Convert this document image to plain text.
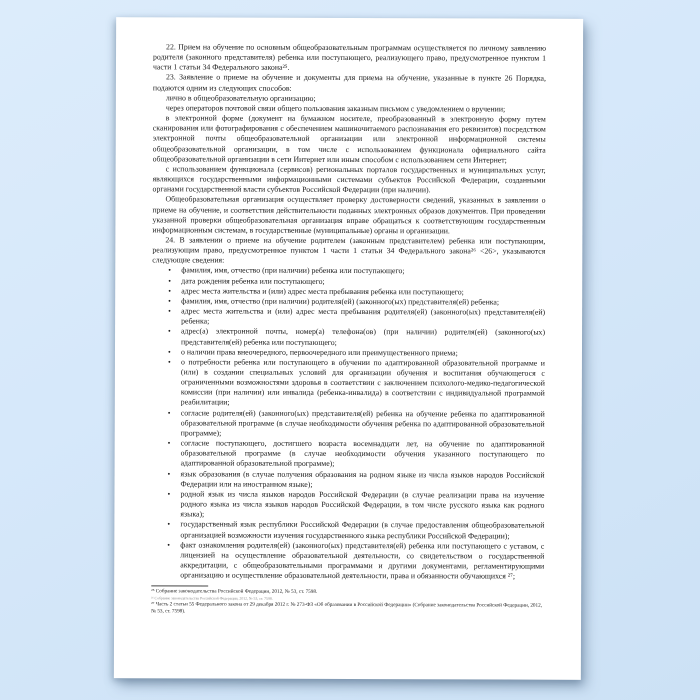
22. Прием на обучение по основным общеобразовательным программам осуществляется по личному заявлению родителя (законного представителя) ребенка или поступающего, реализующего право, предусмотренное пунктом 1 части 1 статьи 34 Федерального закона²⁵.

23. Заявление о приеме на обучение и документы для приема на обучение, указанные в пункте 26 Порядка, подаются одним из следующих способов:

лично в общеобразовательную организацию;

через операторов почтовой связи общего пользования заказным письмом с уведомлением о вручении;

в электронной форме (документ на бумажном носителе, преобразованный в электронную форму путем сканирования или фотографирования с обеспечением машиночитаемого распознавания его реквизитов) посредством электронной почты общеобразовательной организации или электронной информационной системы общеобразовательной организации, в том числе с использованием функционала официального сайта общеобразовательной организации в сети Интернет или иным способом с использованием сети Интернет;

с использованием функционала (сервисов) региональных порталов государственных и муниципальных услуг, являющихся государственными информационными системами субъектов Российской Федерации, созданными органами государственной власти субъектов Российской Федерации (при наличии).

Общеобразовательная организация осуществляет проверку достоверности сведений, указанных в заявлении о приеме на обучение, и соответствия действительности поданных электронных образов документов. При проведении указанной проверки общеобразовательная организация вправе обращаться к соответствующим государственным информационным системам, в государственные (муниципальные) органы и организации.

24. В заявлении о приеме на обучение родителем (законным представителем) ребенка или поступающим, реализующим право, предусмотренное пунктом 1 части 1 статьи 34 Федерального закона²⁶ <26>, указываются следующие сведения:

• фамилия, имя, отчество (при наличии) ребенка или поступающего;
• дата рождения ребенка или поступающего;
• адрес места жительства и (или) адрес места пребывания ребенка или поступающего;
• фамилия, имя, отчество (при наличии) родителя(ей) (законного(ых) представителя(ей) ребенка;
• адрес места жительства и (или) адрес места пребывания родителя(ей) (законного(ых) представителя(ей) ребенка;
• адрес(а) электронной почты, номер(а) телефона(ов) (при наличии) родителя(ей) (законного(ых) представителя(ей) ребенка или поступающего;
• о наличии права внеочередного, первоочередного или преимущественного приема;
• о потребности ребенка или поступающего в обучении по адаптированной образовательной программе и (или) в создании специальных условий для организации обучения и воспитания обучающегося с ограниченными возможностями здоровья в соответствии с заключением психолого-медико-педагогической комиссии (при наличии) или инвалида (ребенка-инвалида) в соответствии с индивидуальной программой реабилитации;
• согласие родителя(ей) (законного(ых) представителя(ей) ребенка на обучение ребенка по адаптированной образовательной программе (в случае необходимости обучения ребенка по адаптированной образовательной программе);
• согласие поступающего, достигшего возраста восемнадцати лет, на обучение по адаптированной образовательной программе (в случае необходимости обучения указанного поступающего по адаптированной образовательной программе);
• язык образования (в случае получения образования на родном языке из числа языков народов Российской Федерации или на иностранном языке);
• родной язык из числа языков народов Российской Федерации (в случае реализации права на изучение родного языка из числа языков народов Российской Федерации, в том числе русского языка как родного языка);
• государственный язык республики Российской Федерации (в случае предоставления общеобразовательной организацией возможности изучения государственного языка республики Российской Федерации);
• факт ознакомления родителя(ей) (законного(ых) представителя(ей) ребенка или поступающего с уставом, с лицензией на осуществление образовательной деятельности, со свидетельством о государственной аккредитации, с общеобразовательными программами и другими документами, регламентирующими организацию и осуществление образовательной деятельности, права и обязанности обучающихся ²⁷;

²⁵ Собрание законодательства Российской Федерации, 2012, № 53, ст. 7598.

²⁶ Собрание законодательства Российской Федерации, 2012, № 53, ст. 7598.

²⁷ Часть 2 статьи 55 Федерального закона от 29 декабря 2012 г. № 273-ФЗ «Об образовании в Российской Федерации» (Собрание законодательства Российской Федерации, 2012, № 53, ст. 7598).
